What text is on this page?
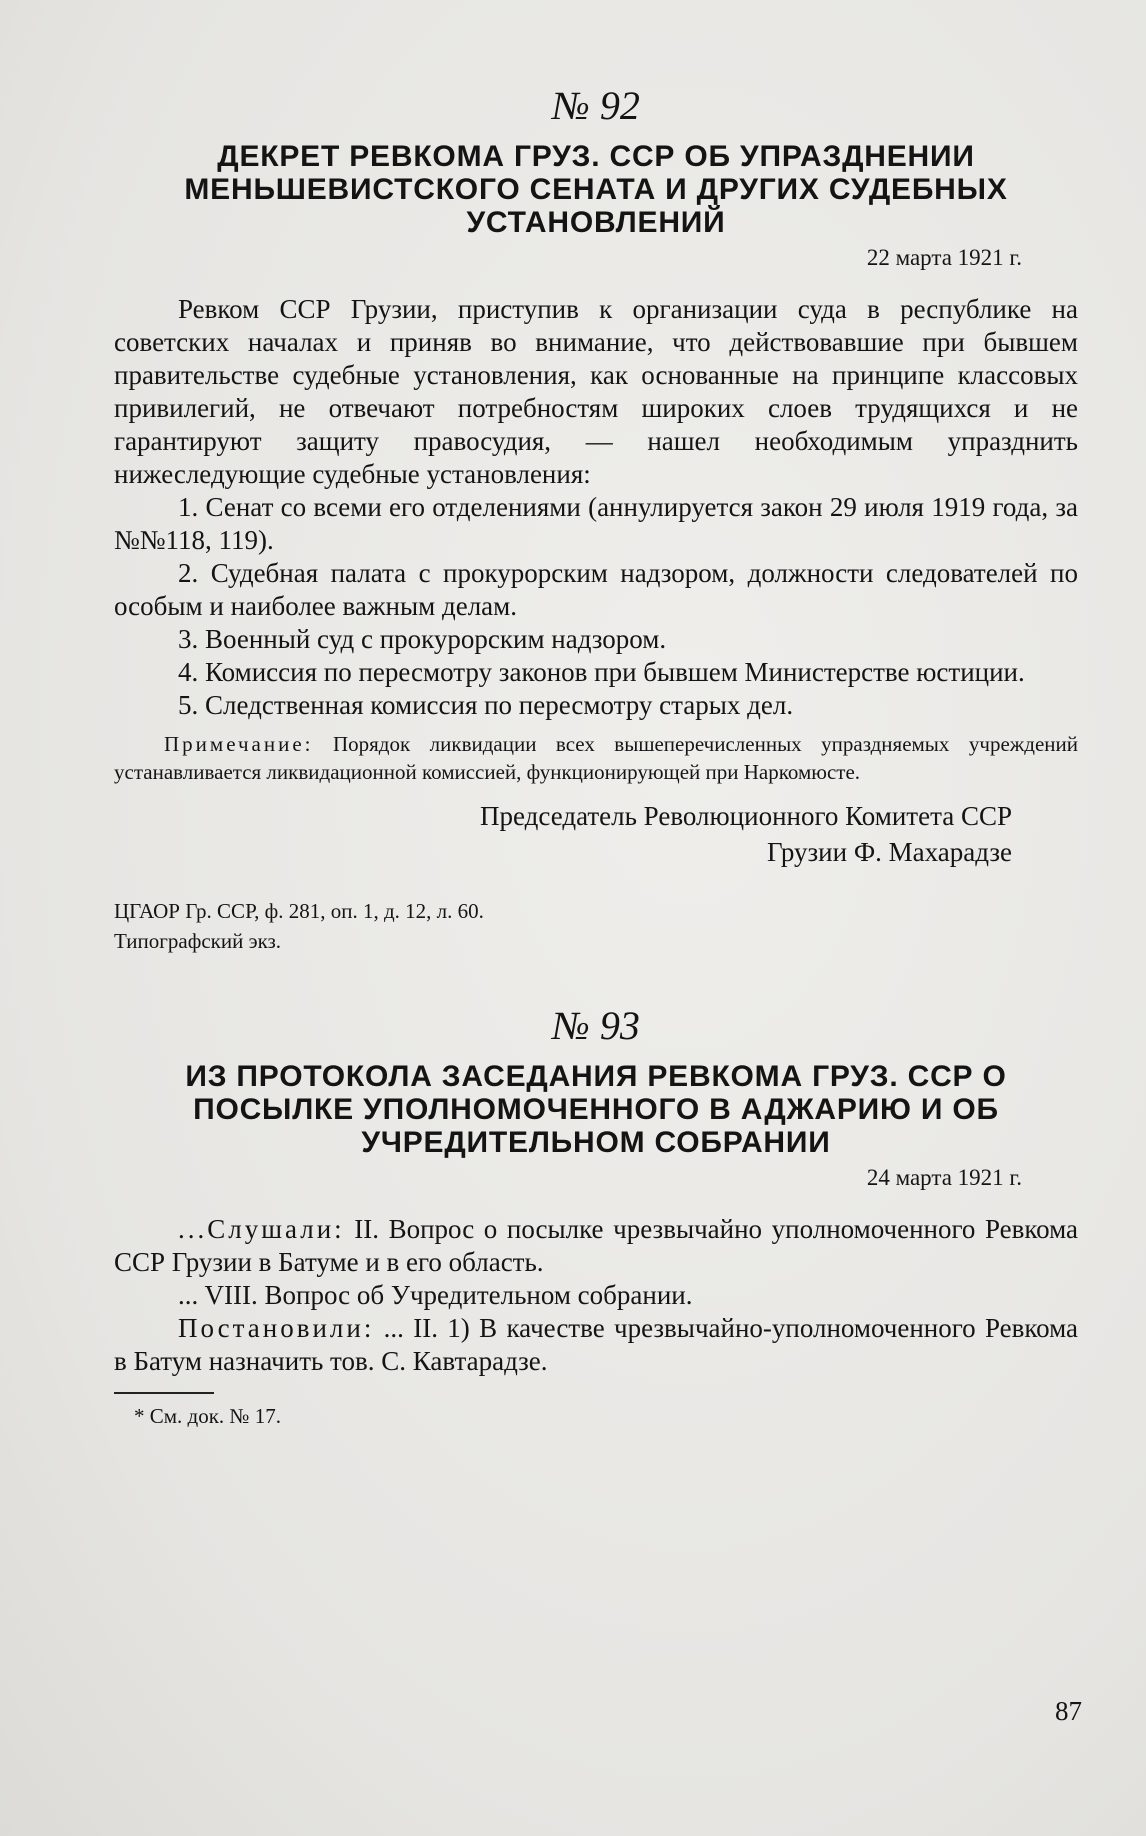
№ 92
ДЕКРЕТ РЕВКОМА ГРУЗ. ССР ОБ УПРАЗДНЕНИИ МЕНЬШЕВИСТСКОГО СЕНАТА И ДРУГИХ СУДЕБНЫХ УСТАНОВЛЕНИЙ
22 марта 1921 г.

Ревком ССР Грузии, приступив к организации суда в республике на советских началах и приняв во внимание, что действовавшие при бывшем правительстве судебные установления, как основанные на принципе классовых привилегий, не отвечают потребностям широких слоев трудящихся и не гарантируют защиту правосудия, — нашел необходимым упразднить нижеследующие судебные установления:

1. Сенат со всеми его отделениями (аннулируется закон 29 июля 1919 года, за №№118, 119).

2. Судебная палата с прокурорским надзором, должности следователей по особым и наиболее важным делам.

3. Военный суд с прокурорским надзором.

4. Комиссия по пересмотру законов при бывшем Министерстве юстиции.

5. Следственная комиссия по пересмотру старых дел.

Примечание: Порядок ликвидации всех вышеперечисленных упраздняемых учреждений устанавливается ликвидационной комиссией, функционирующей при Наркомюсте.

Председатель Революционного Комитета ССР
Грузии Ф. Махарадзе

ЦГАОР Гр. ССР, ф. 281, оп. 1, д. 12, л. 60.
Типографский экз.
№ 93
ИЗ ПРОТОКОЛА ЗАСЕДАНИЯ РЕВКОМА ГРУЗ. ССР О ПОСЫЛКЕ УПОЛНОМОЧЕННОГО В АДЖАРИЮ И ОБ УЧРЕДИТЕЛЬНОМ СОБРАНИИ
24 марта 1921 г.

...Слушали: II. Вопрос о посылке чрезвычайно уполномоченного Ревкома ССР Грузии в Батуме и в его область.

... VIII. Вопрос об Учредительном собрании.

Постановили: ... II. 1) В качестве чрезвычайно-уполномоченного Ревкома в Батум назначить тов. С. Кавтарадзе.

* См. док. № 17.
87
